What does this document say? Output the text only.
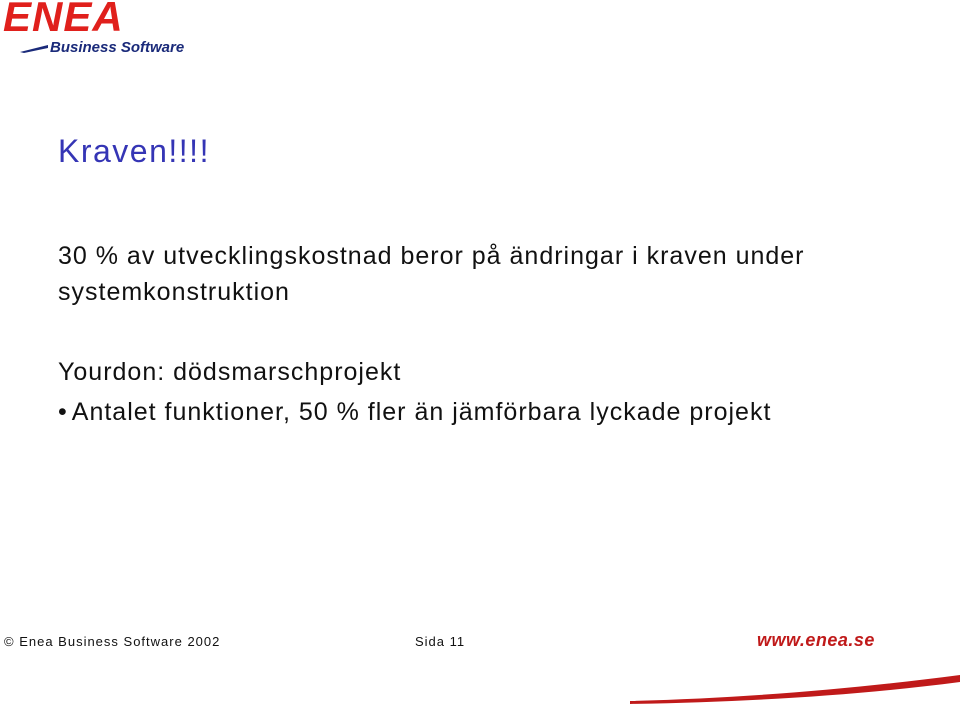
ENEA
Business Software
Kraven!!!!
30 % av utvecklingskostnad beror på ändringar i kraven under systemkonstruktion
Yourdon: dödsmarschprojekt
• Antalet funktioner, 50 % fler än jämförbara lyckade projekt
© Enea Business Software 2002	Sida 11	www.enea.se
